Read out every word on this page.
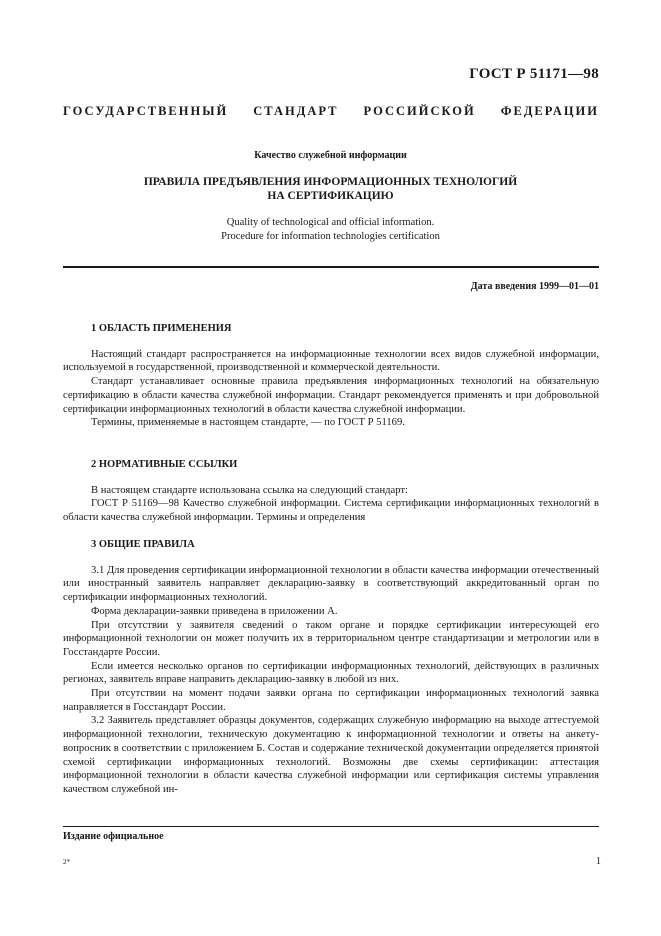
ГОСТ Р 51171—98
ГОСУДАРСТВЕННЫЙ СТАНДАРТ РОССИЙСКОЙ ФЕДЕРАЦИИ
Качество служебной информации
ПРАВИЛА ПРЕДЪЯВЛЕНИЯ ИНФОРМАЦИОННЫХ ТЕХНОЛОГИЙ
НА СЕРТИФИКАЦИЮ
Quality of technological and official information.
Procedure for information technologies certification
Дата введения 1999—01—01

1 ОБЛАСТЬ ПРИМЕНЕНИЯ

Настоящий стандарт распространяется на информационные технологии всех видов служебной информации, используемой в государственной, производственной и коммерческой деятельности.

Стандарт устанавливает основные правила предъявления информационных технологий на обязательную сертификацию в области качества служебной информации. Стандарт рекомендуется применять и при добровольной сертификации информационных технологий в области качества служебной информации.

Термины, применяемые в настоящем стандарте, — по ГОСТ Р 51169.

2 НОРМАТИВНЫЕ ССЫЛКИ

В настоящем стандарте использована ссылка на следующий стандарт:

ГОСТ Р 51169—98 Качество служебной информации. Система сертификации информационных технологий в области качества служебной информации. Термины и определения

3 ОБЩИЕ ПРАВИЛА

3.1 Для проведения сертификации информационной технологии в области качества информации отечественный или иностранный заявитель направляет декларацию-заявку в соответствующий аккредитованный орган по сертификации информационных технологий.

Форма декларации-заявки приведена в приложении А.

При отсутствии у заявителя сведений о таком органе и порядке сертификации интересующей его информационной технологии он может получить их в территориальном центре стандартизации и метрологии или в Госстандарте России.

Если имеется несколько органов по сертификации информационных технологий, действующих в различных регионах, заявитель вправе направить декларацию-заявку в любой из них.

При отсутствии на момент подачи заявки органа по сертификации информационных технологий заявка направляется в Госстандарт России.

3.2 Заявитель представляет образцы документов, содержащих служебную информацию на выходе аттестуемой информационной технологии, техническую документацию к информационной технологии и ответы на анкету-вопросник в соответствии с приложением Б. Состав и содержание технической документации определяется принятой схемой сертификации информационных технологий. Возможны две схемы сертификации: аттестация информационной технологии в области качества служебной информации или сертификация системы управления качеством служебной ин-

Издание официальное
2*	1
